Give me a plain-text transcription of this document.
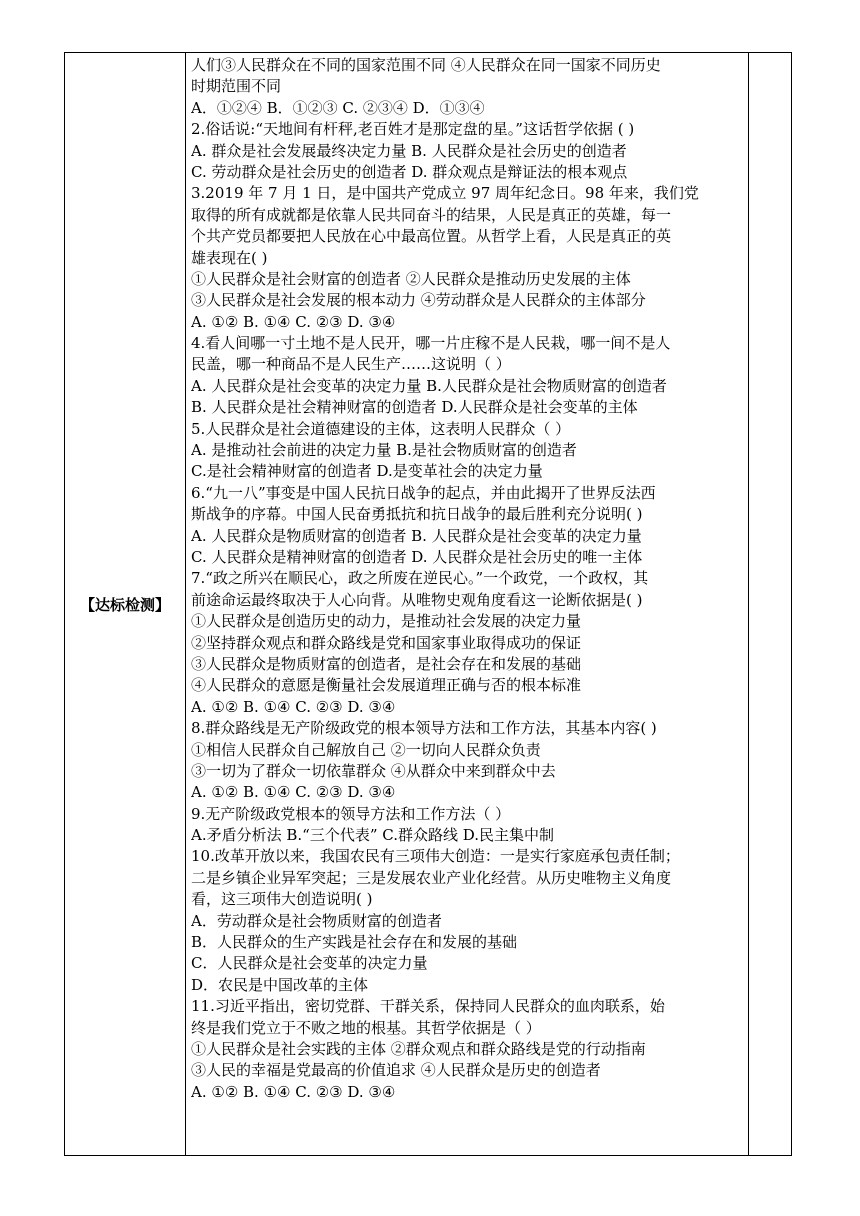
【达标检测】
人们③人民群众在不同的国家范围不同 ④人民群众在同一国家不同历史
时期范围不同
A．①②④ B．①②③ C. ②③④ D．①③④
2.俗话说:“天地间有杆秤,老百姓才是那定盘的星。”这话哲学依据 ( )
A. 群众是社会发展最终决定力量 B. 人民群众是社会历史的创造者
C. 劳动群众是社会历史的创造者 D. 群众观点是辩证法的根本观点
3.2019 年 7 月 1 日，是中国共产党成立 97 周年纪念日。98 年来，我们党
取得的所有成就都是依靠人民共同奋斗的结果，人民是真正的英雄，每一
个共产党员都要把人民放在心中最高位置。从哲学上看，人民是真正的英
雄表现在( )
①人民群众是社会财富的创造者 ②人民群众是推动历史发展的主体
③人民群众是社会发展的根本动力 ④劳动群众是人民群众的主体部分
A. ①② B. ①④ C. ②③ D. ③④
4.看人间哪一寸土地不是人民开，哪一片庄稼不是人民栽，哪一间不是人
民盖，哪一种商品不是人民生产……这说明（ ）
A. 人民群众是社会变革的决定力量 B.人民群众是社会物质财富的创造者
B. 人民群众是社会精神财富的创造者 D.人民群众是社会变革的主体
5.人民群众是社会道德建设的主体，这表明人民群众（ ）
A. 是推动社会前进的决定力量 B.是社会物质财富的创造者
C.是社会精神财富的创造者 D.是变革社会的决定力量
6.“九一八”事变是中国人民抗日战争的起点，并由此揭开了世界反法西
斯战争的序幕。中国人民奋勇抵抗和抗日战争的最后胜利充分说明( )
A. 人民群众是物质财富的创造者 B. 人民群众是社会变革的决定力量
C. 人民群众是精神财富的创造者 D. 人民群众是社会历史的唯一主体
7.“政之所兴在顺民心，政之所废在逆民心。”一个政党，一个政权，其
前途命运最终取决于人心向背。从唯物史观角度看这一论断依据是( )
①人民群众是创造历史的动力，是推动社会发展的决定力量
②坚持群众观点和群众路线是党和国家事业取得成功的保证
③人民群众是物质财富的创造者，是社会存在和发展的基础
④人民群众的意愿是衡量社会发展道理正确与否的根本标准
A. ①② B. ①④ C. ②③ D. ③④
8.群众路线是无产阶级政党的根本领导方法和工作方法，其基本内容( )
①相信人民群众自己解放自己 ②一切向人民群众负责
③一切为了群众一切依靠群众 ④从群众中来到群众中去
A. ①② B. ①④ C. ②③ D. ③④
9.无产阶级政党根本的领导方法和工作方法（ ）
A.矛盾分析法 B.“三个代表” C.群众路线 D.民主集中制
10.改革开放以来，我国农民有三项伟大创造：一是实行家庭承包责任制；
二是乡镇企业异军突起；三是发展农业产业化经营。从历史唯物主义角度
看，这三项伟大创造说明( )
A．劳动群众是社会物质财富的创造者
B．人民群众的生产实践是社会存在和发展的基础
C．人民群众是社会变革的决定力量
D．农民是中国改革的主体
11.习近平指出，密切党群、干群关系，保持同人民群众的血肉联系，始
终是我们党立于不败之地的根基。其哲学依据是（ ）
①人民群众是社会实践的主体 ②群众观点和群众路线是党的行动指南
③人民的幸福是党最高的价值追求 ④人民群众是历史的创造者
A. ①② B. ①④ C. ②③ D. ③④
